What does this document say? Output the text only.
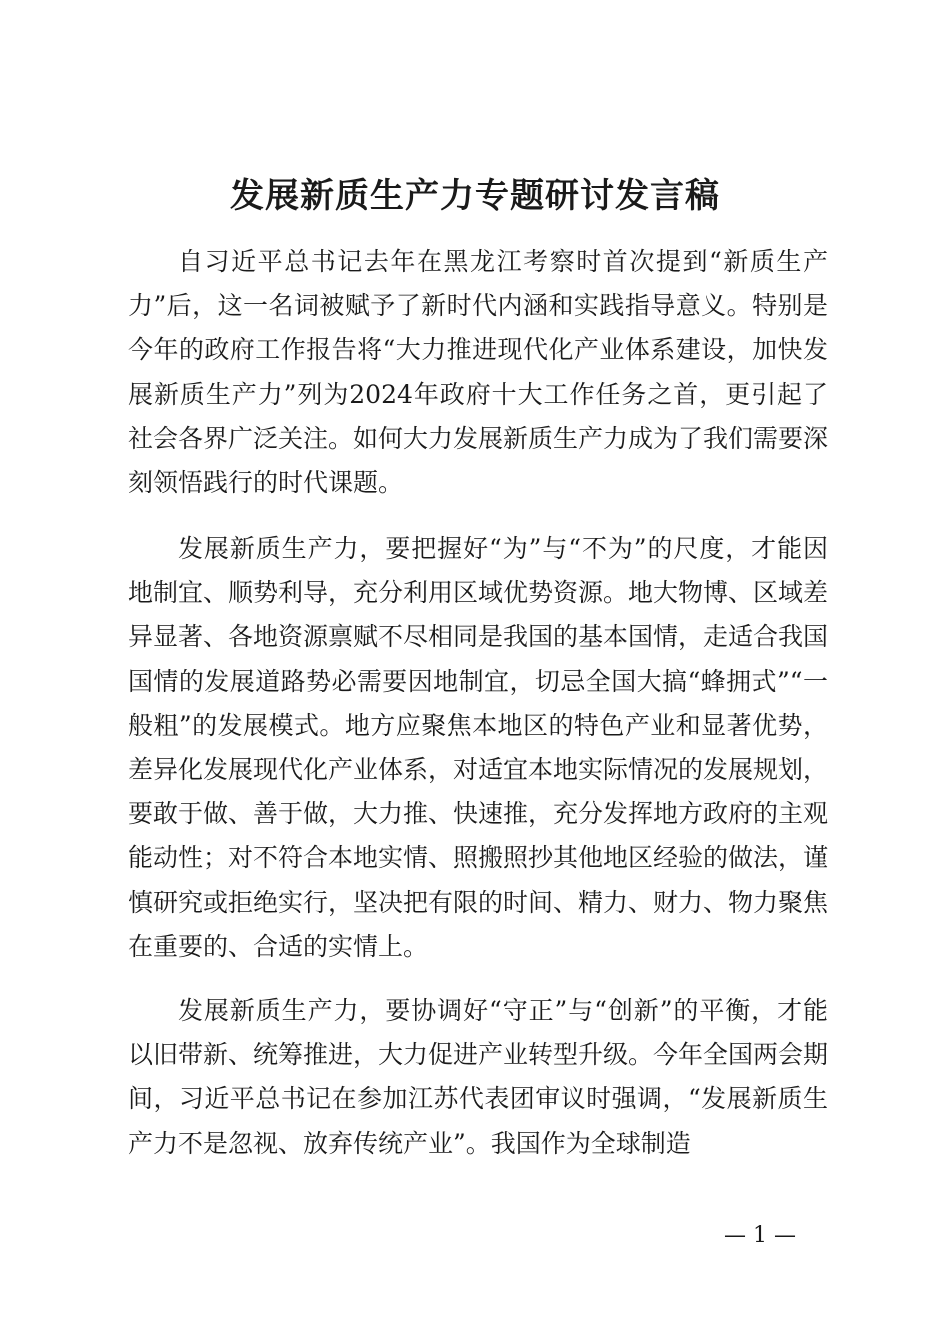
发展新质生产力专题研讨发言稿

自习近平总书记去年在黑龙江考察时首次提到“新质生产力”后，这一名词被赋予了新时代内涵和实践指导意义。特别是今年的政府工作报告将“大力推进现代化产业体系建设，加快发展新质生产力”列为2024年政府十大工作任务之首，更引起了社会各界广泛关注。如何大力发展新质生产力成为了我们需要深刻领悟践行的时代课题。

发展新质生产力，要把握好“为”与“不为”的尺度，才能因地制宜、顺势利导，充分利用区域优势资源。地大物博、区域差异显著、各地资源禀赋不尽相同是我国的基本国情，走适合我国国情的发展道路势必需要因地制宜，切忌全国大搞“蜂拥式”“一般粗”的发展模式。地方应聚焦本地区的特色产业和显著优势，差异化发展现代化产业体系，对适宜本地实际情况的发展规划，要敢于做、善于做，大力推、快速推，充分发挥地方政府的主观能动性；对不符合本地实情、照搬照抄其他地区经验的做法，谨慎研究或拒绝实行，坚决把有限的时间、精力、财力、物力聚焦在重要的、合适的实情上。

发展新质生产力，要协调好“守正”与“创新”的平衡，才能以旧带新、统筹推进，大力促进产业转型升级。今年全国两会期间，习近平总书记在参加江苏代表团审议时强调，“发展新质生产力不是忽视、放弃传统产业”。我国作为全球制造

— 1 —
